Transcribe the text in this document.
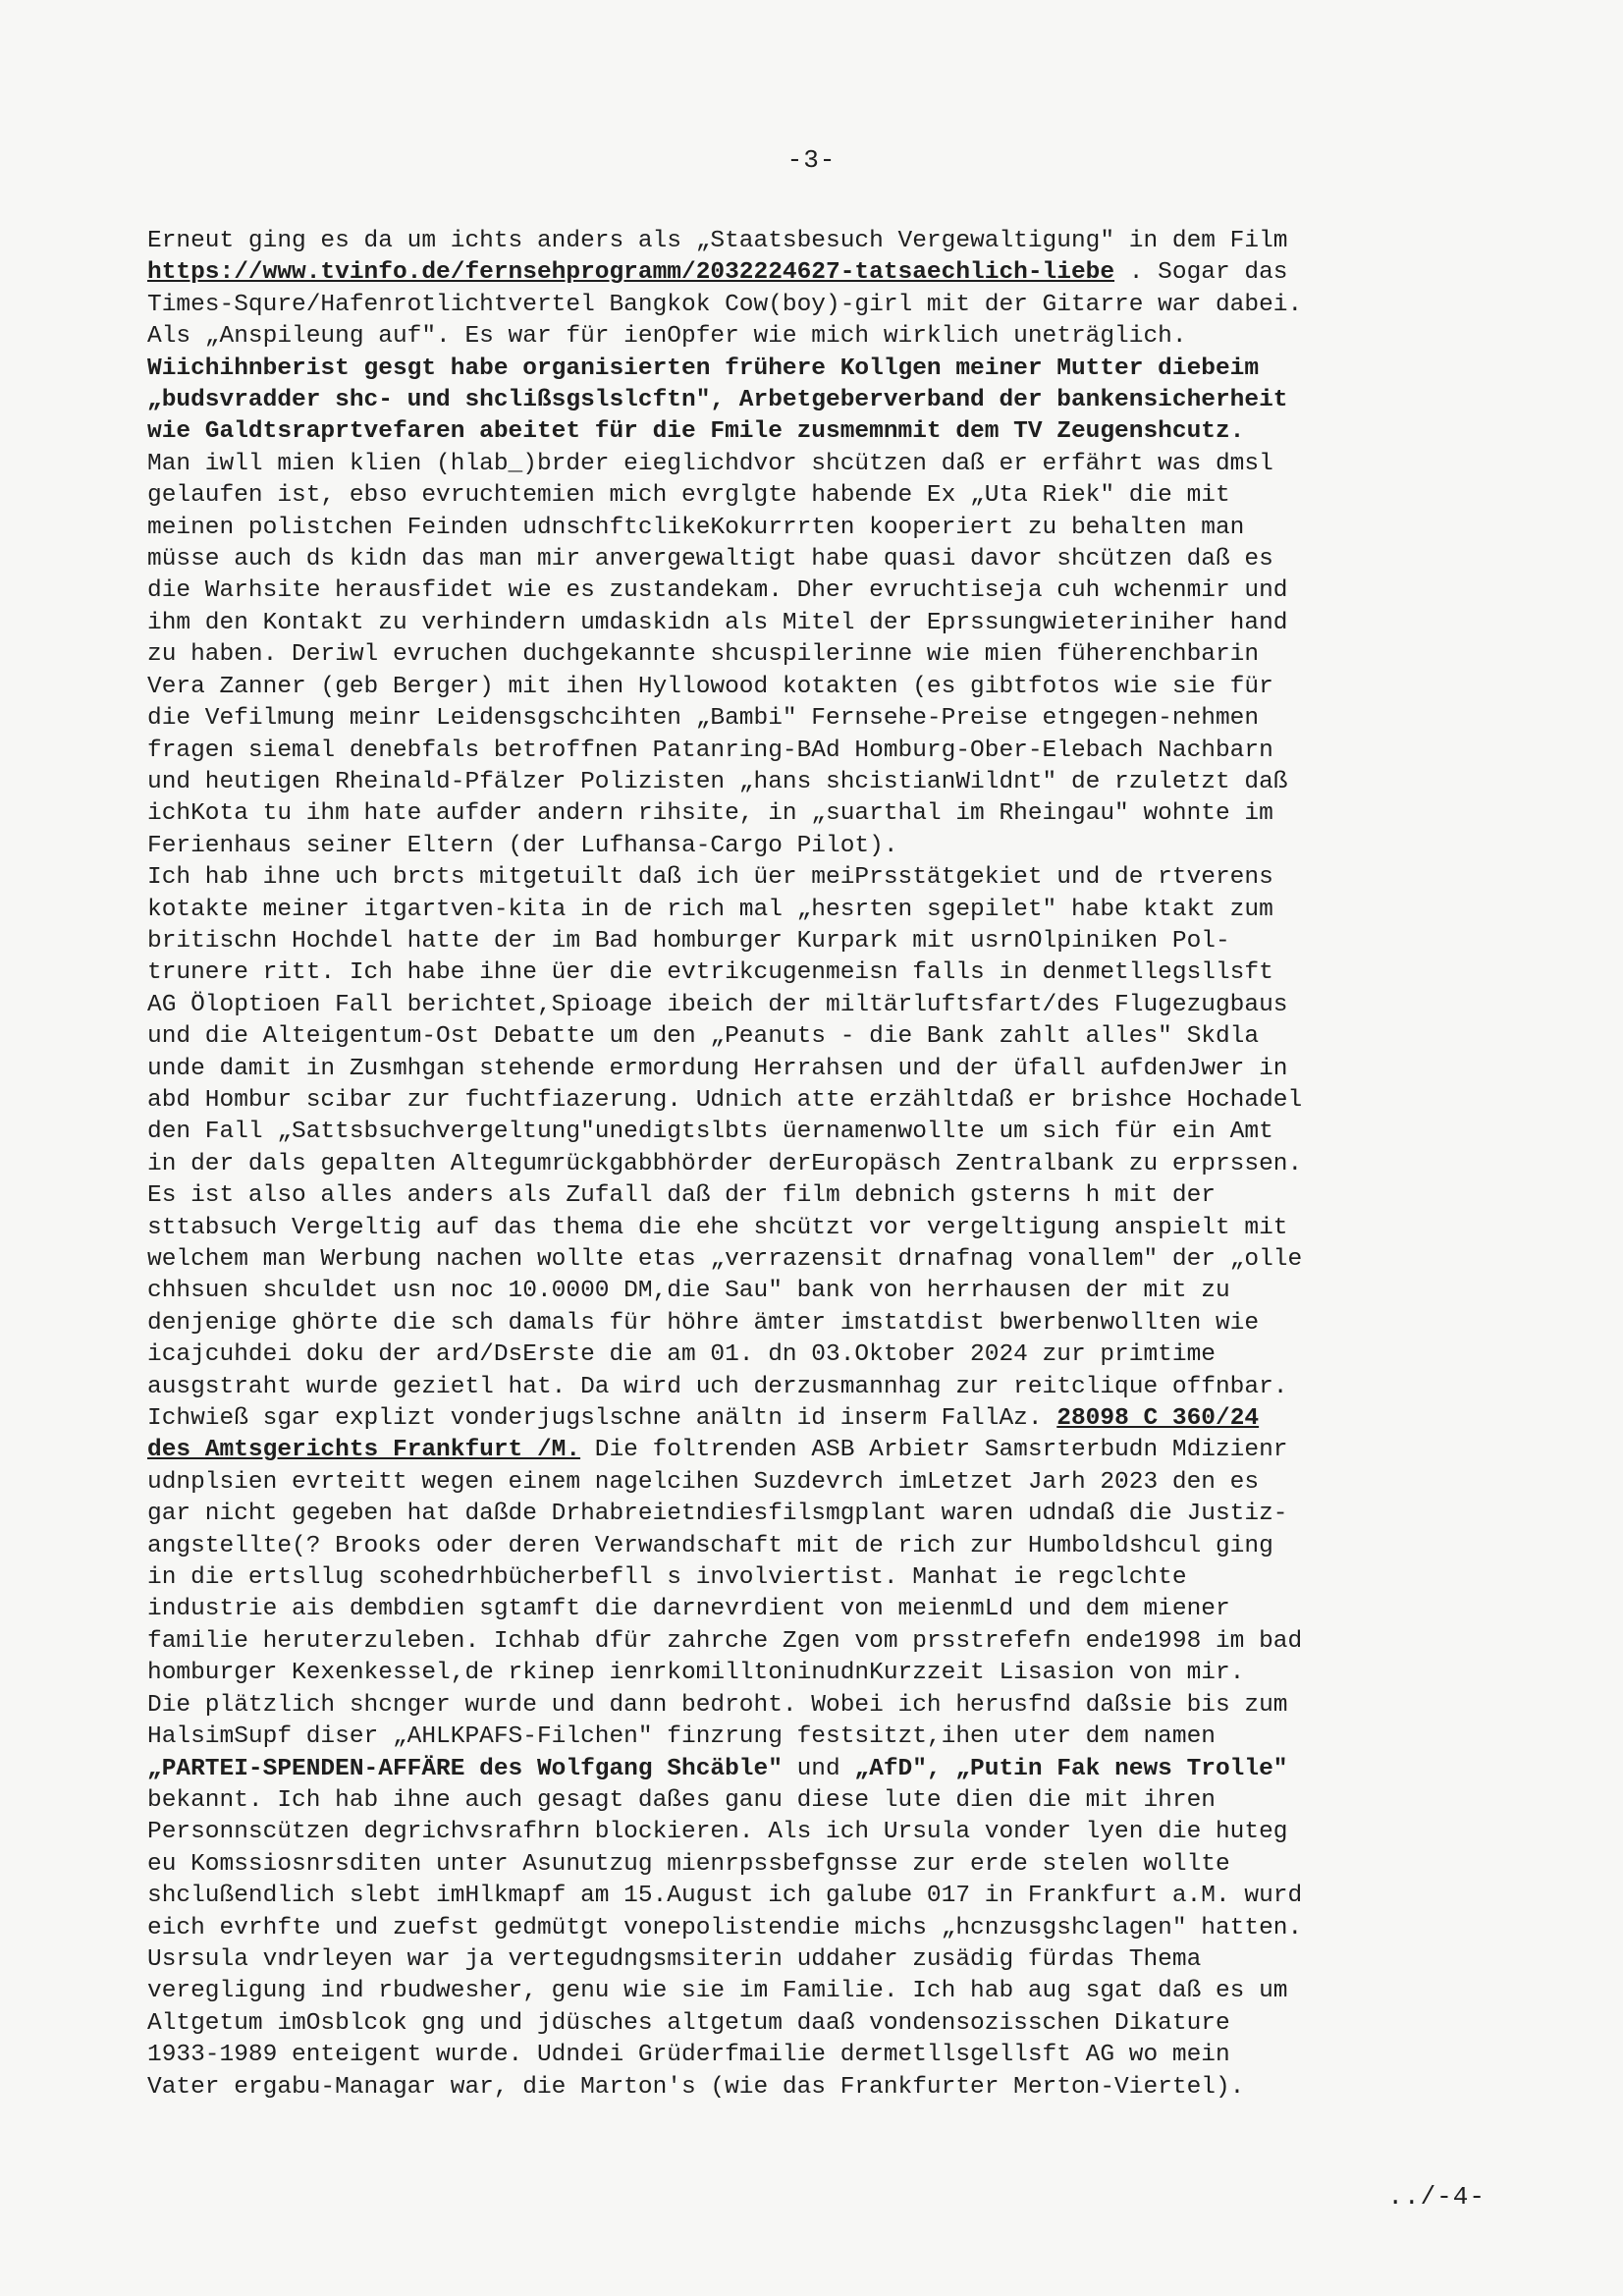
-3-
Erneut ging es da um ichts anders als „Staatsbesuch Vergewaltigung" in dem Film
https://www.tvinfo.de/fernsehprogramm/2032224627-tatsaechlich-liebe . Sogar das
Times-Squre/Hafenrotlichtvertel Bangkok Cow(boy)-girl mit der Gitarre war dabei.
Als „Anspileung auf". Es war für ienOpfer wie mich wirklich uneträglich.
Wiichihnberist gesgt habe organisierten frühere Kollgen meiner Mutter diebeim
„budsvradder shc- und shclißsgslslcftn", Arbetgeberverband der bankensicherheit
wie Galdtsraprtvefaren abeitet für die Fmile zusmemnmit dem TV Zeugenshcutz.
Man iwll mien klien (hlab_)brder eieglichdvor shcützen daß er erfährt was dmsl
gelaufen ist, ebso evruchtemien mich evrglgte habende Ex „Uta Riek" die mit
meinen polistchen Feinden udnschftclikeKokurrrten kooperiert zu behalten man
müsse auch ds kidn das man mir anvergewaltigt habe quasi davor shcützen daß es
die Warhsite herausfidet wie es zustandekam. Dher evruchtiseja cuh wchenmir und
ihm den Kontakt zu verhindern umdaskidn als Mitel der Eprssungwieteriniher hand
zu haben. Deriwl evruchen duchgekannte shcuspilerinne wie mien füherenchbarin
Vera Zanner (geb Berger) mit ihen Hyllowood kotakten (es gibtfotos wie sie für
die Vefilmung meinr Leidensgschcihten „Bambi" Fernsehe-Preise etngegen-nehmen
fragen siemal denebfals betroffnen Patanring-BAd Homburg-Ober-Elebach Nachbarn
und heutigen Rheinald-Pfälzer Polizisten „hans shcistianWildnt" de rzuletzt daß
ichKota tu ihm hate aufder andern rihsite, in „suarthal im Rheingau" wohnte im
Ferienhaus seiner Eltern (der Lufhansa-Cargo Pilot).
Ich hab ihne uch brcts mitgetuilt daß ich üer meiPrsstätgekiet und de rtverens
kotakte meiner itgartven-kita in de rich mal „hesrten sgepilet" habe ktakt zum
britischn Hochdel hatte der im Bad homburger Kurpark mit usrnOlpiniken Pol-
trunere ritt. Ich habe ihne üer die evtrikcugenmeisn falls in denmetllegsllsft
AG Öloptioen Fall berichtet,Spioage ibeich der miltärluftsfart/des Flugezugbaus
und die Alteigentum-Ost Debatte um den „Peanuts - die Bank zahlt alles" Skdla
unde damit in Zusmhgan stehende ermordung Herrahsen und der üfall aufdenJwer in
abd Hombur scibar zur fuchtfiazerung. Udnich atte erzähltdaß er brishce Hochadel
den Fall „Sattsbsuchvergeltung"unedigtslbts üernamenwollte um sich für ein Amt
in der dals gepalten Altegumrückgabbhörder derEuropäsch Zentralbank zu erprssen.
Es ist also alles anders als Zufall daß der film debnich gsterns h mit der
sttabsuch Vergeltig auf das thema die ehe shcützt vor vergeltigung anspielt mit
welchem man Werbung nachen wollte etas „verrazensit drnafnag vonallem" der „olle
chhsuen shculdet usn noc 10.0000 DM,die Sau" bank von herrhausen der mit zu
denjenige ghörte die sch damals für höhre ämter imstatdist bwerbenwollten wie
icajcuhdei doku der ard/DsErste die am 01. dn 03.Oktober 2024 zur primtime
ausgstraht wurde gezietl hat. Da wird uch derzusmannhag zur reitclique offnbar.
Ichwieß sgar explizt vonderjugslschne anältn id inserm FallAz. 28098 C 360/24
des Amtsgerichts Frankfurt /M. Die foltrenden ASB Arbietr Samsrterbudn Mdizienr
udnplsien evrteitt wegen einem nagelcihen Suzdevrch imLetzet Jarh 2023 den es
gar nicht gegeben hat daßde Drhabreietndiesfilsmgplant waren udndaß die Justiz-
angstellte(? Brooks oder deren Verwandschaft mit de rich zur Humboldshcul ging
in die ertsllug scohedrhbücherbefll s involviertist. Manhat ie regclchte
industrie ais dembdien sgtamft die darnevrdient von meienmLd und dem miener
familie heruterzuleben. Ichhab dfür zahrche Zgen vom prsstrefefn ende1998 im bad
homburger Kexenkessel,de rkinep ienrkomilltoninudnKurzzeit Lisasion von mir.
Die plätzlich shcnger wurde und dann bedroht. Wobei ich herusfnd daßsie bis zum
HalsimSupf diser „AHLKPAFS-Filchen" finzrung festsitzt,ihen uter dem namen
„PARTEI-SPENDEN-AFFÄRE des Wolfgang Shcäble" und „AfD", „Putin Fak news Trolle"
bekannt. Ich hab ihne auch gesagt daßes ganu diese lute dien die mit ihren
Personnscützen degrichvsrafhrn blockieren. Als ich Ursula vonder lyen die huteg
eu Komssiosnrsditen unter Asunutzug mienrpssbefgnsse zur erde stelen wollte
shclußendlich slebt imHlkmapf am 15.August ich galube 017 in Frankfurt a.M. wurd
eich evrhfte und zuefst gedmütgt vonepolistendie michs „hcnzusgshclagen" hatten.
Usrsula vndrleyen war ja vertegudngsmsiterin uddaher zusädig fürdas Thema
veregligung ind rbudwesher, genu wie sie im Familie. Ich hab aug sgat daß es um
Altgetum imOsblcok gng und jdüsches altgetum daaß vondensozisschen Dikature
1933-1989 enteigent wurde. Udndei Grüderfmailie dermetllsgellsft AG wo mein
Vater ergabu-Managar war, die Marton's (wie das Frankfurter Merton-Viertel).
../-4-
